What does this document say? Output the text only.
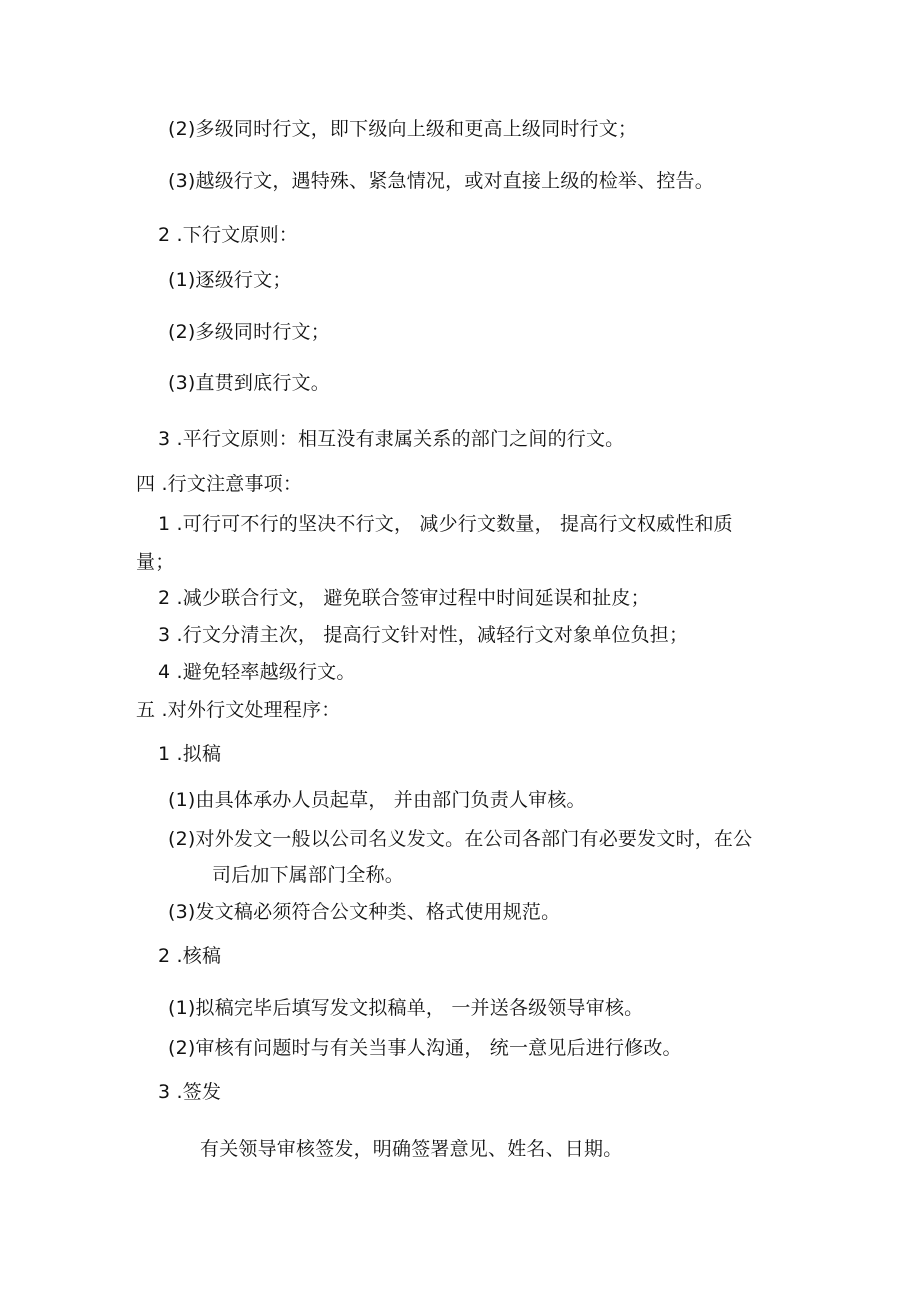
(2)多级同时行文，即下级向上级和更高上级同时行文；
(3)越级行文，遇特殊、紧急情况，或对直接上级的检举、控告。
2 .下行文原则：
(1)逐级行文；
(2)多级同时行文；
(3)直贯到底行文。
3 .平行文原则：相互没有隶属关系的部门之间的行文。
四 .行文注意事项：
1 .可行可不行的坚决不行文， 减少行文数量， 提高行文权威性和质
量；
2 .减少联合行文， 避免联合签审过程中时间延误和扯皮；
3 .行文分清主次， 提高行文针对性，减轻行文对象单位负担；
4 .避免轻率越级行文。
五 .对外行文处理程序：
1 .拟稿
(1)由具体承办人员起草， 并由部门负责人审核。
(2)对外发文一般以公司名义发文。在公司各部门有必要发文时，在公
司后加下属部门全称。
(3)发文稿必须符合公文种类、格式使用规范。
2 .核稿
(1)拟稿完毕后填写发文拟稿单， 一并送各级领导审核。
(2)审核有问题时与有关当事人沟通， 统一意见后进行修改。
3 .签发
有关领导审核签发，明确签署意见、姓名、日期。
